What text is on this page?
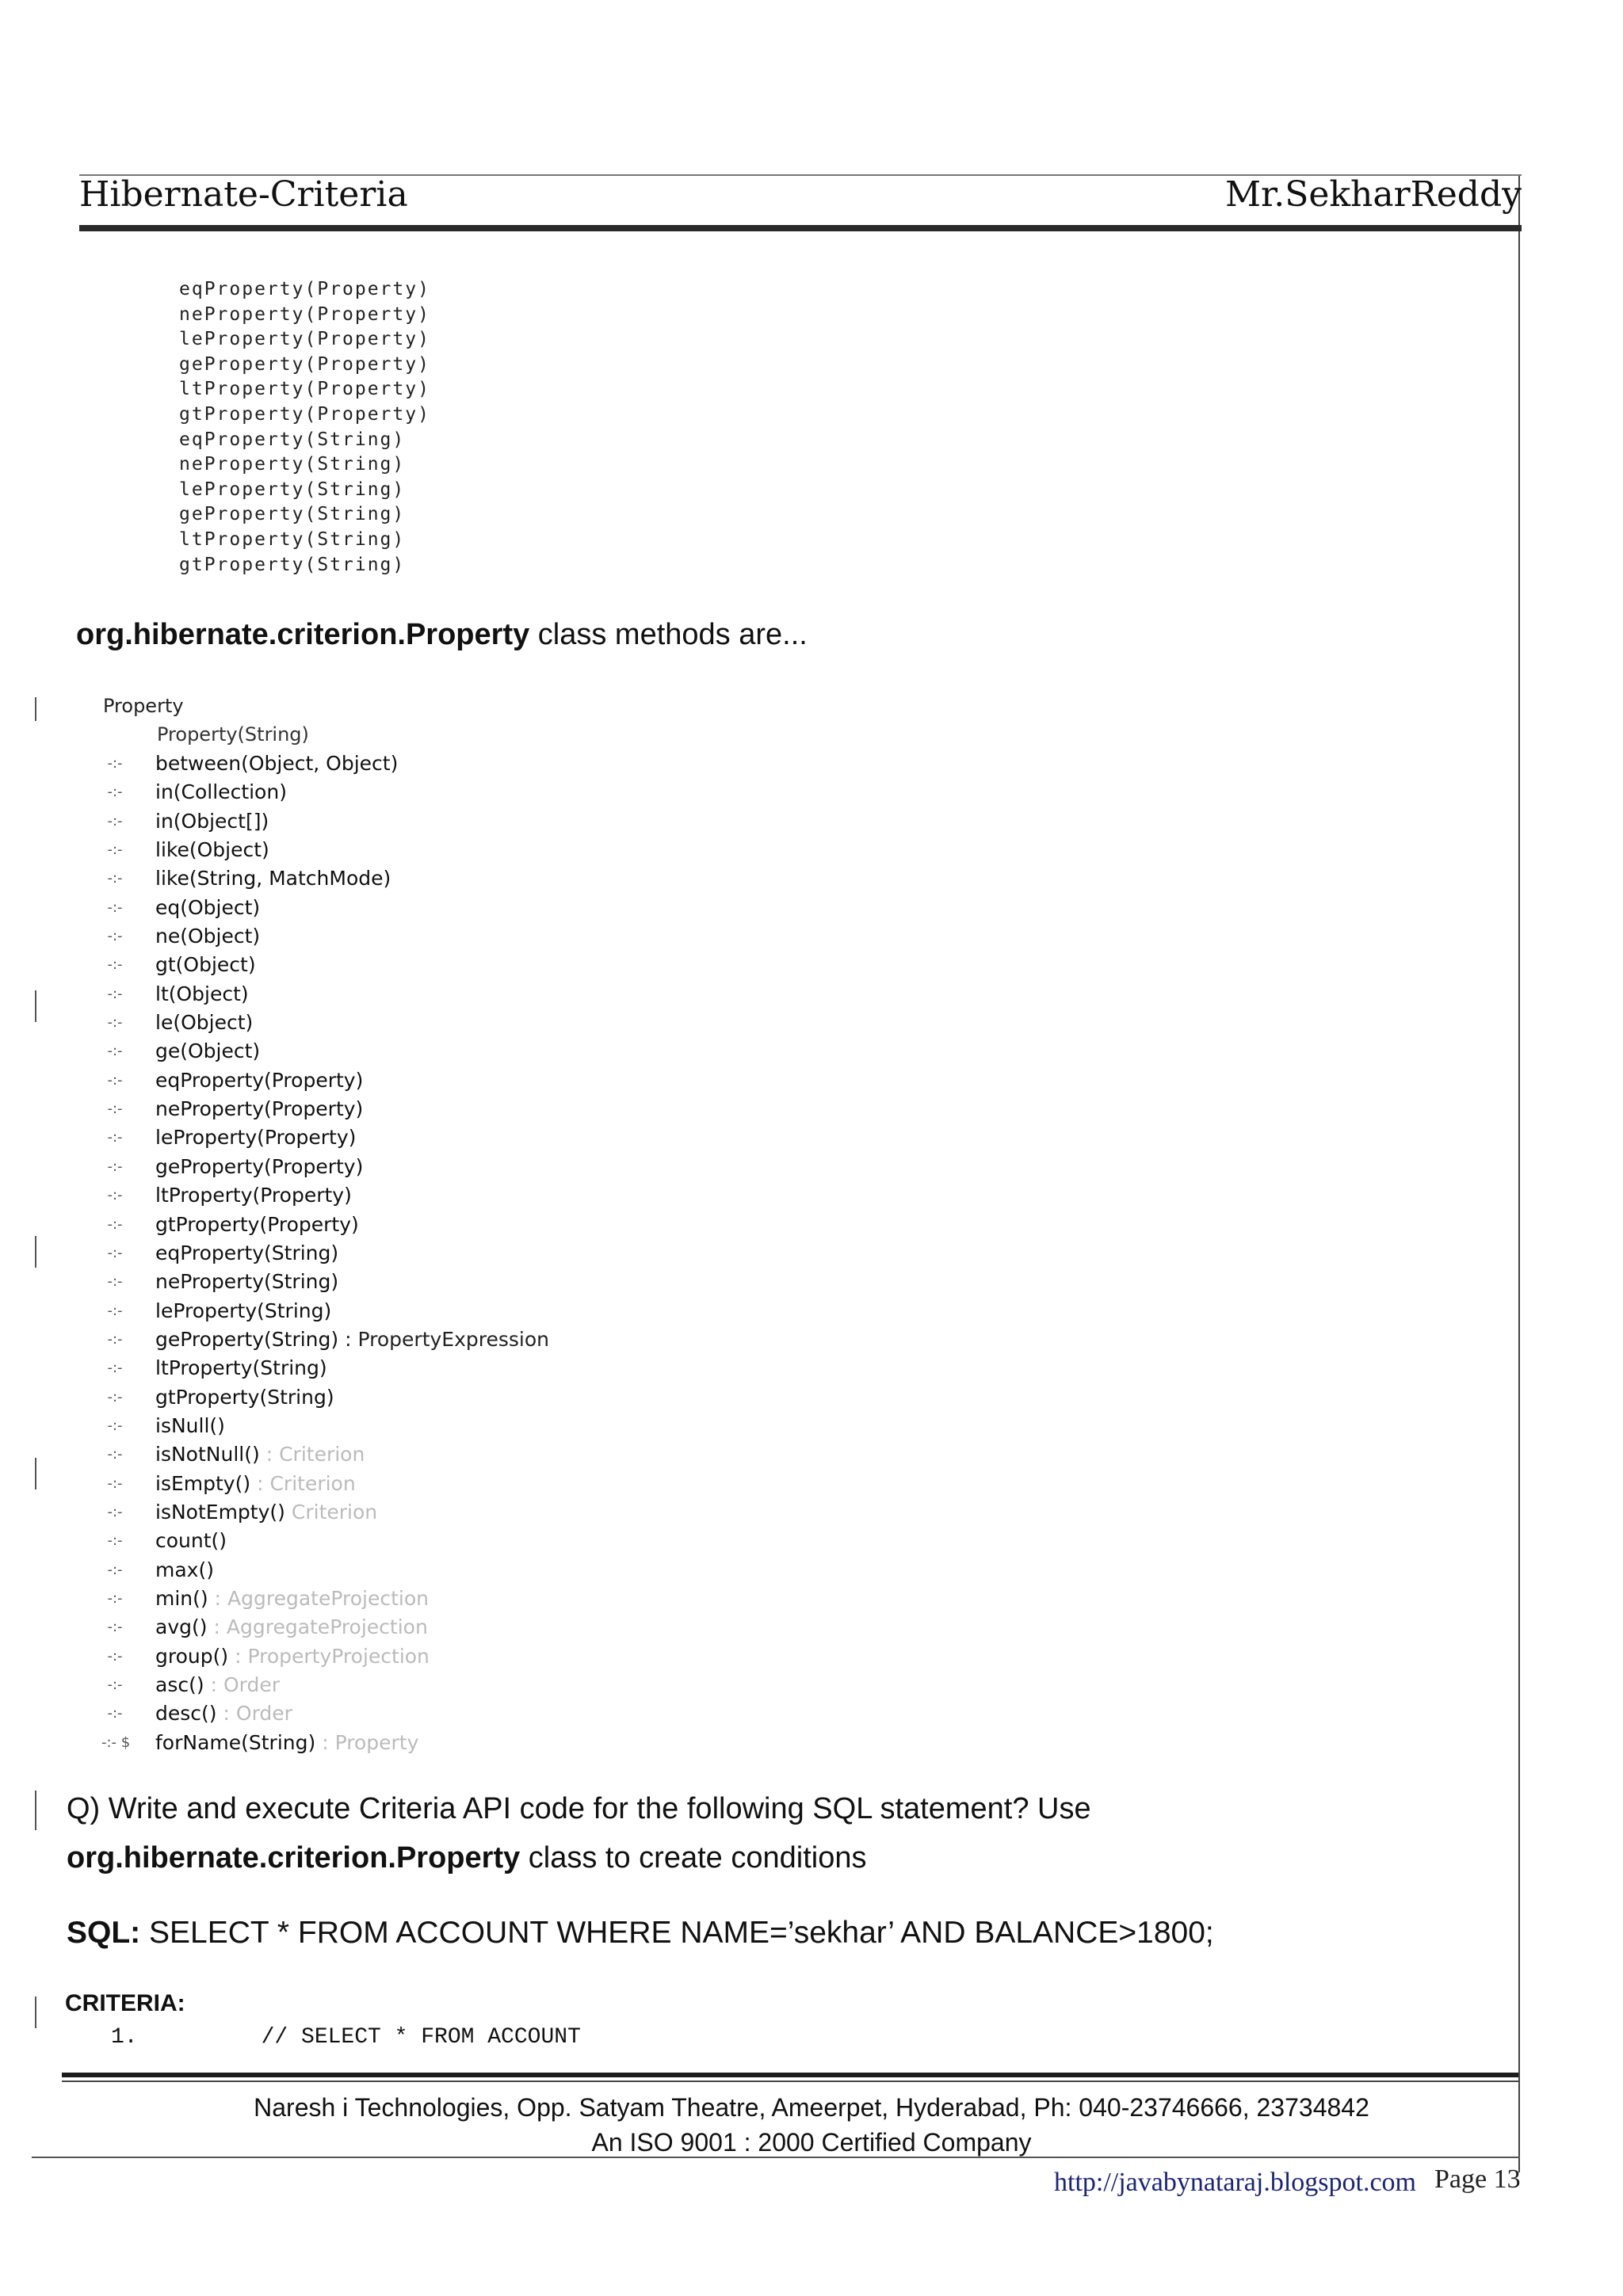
Hibernate-Criteria	Mr.SekharReddy
eqProperty(Property)
neProperty(Property)
leProperty(Property)
geProperty(Property)
ltProperty(Property)
gtProperty(Property)
eqProperty(String)
neProperty(String)
leProperty(String)
geProperty(String)
ltProperty(String)
gtProperty(String)
org.hibernate.criterion.Property class methods are...
Property
Property(String)
-:- between(Object, Object)
-:- in(Collection)
-:- in(Object[])
-:- like(Object)
-:- like(String, MatchMode)
-:- eq(Object)
-:- ne(Object)
-:- gt(Object)
-:- lt(Object)
-:- le(Object)
-:- ge(Object)
-:- eqProperty(Property)
-:- neProperty(Property)
-:- leProperty(Property)
-:- geProperty(Property)
-:- ltProperty(Property)
-:- gtProperty(Property)
-:- eqProperty(String)
-:- neProperty(String)
-:- leProperty(String)
-:- geProperty(String) : PropertyExpression
-:- ltProperty(String)
-:- gtProperty(String)
-:- isNull()
-:- isNotNull() : Criterion
-:- isEmpty() : Criterion
-:- isNotEmpty() Criterion
-:- count()
-:- max()
-:- min() : AggregateProjection
-:- avg() : AggregateProjection
-:- group() : PropertyProjection
-:- asc() : Order
-:- desc() : Order
-:- $ forName(String) : Property
Q) Write and execute Criteria API code for the following SQL statement? Use
org.hibernate.criterion.Property class to create conditions
SQL: SELECT * FROM ACCOUNT WHERE NAME=’sekhar’ AND BALANCE>1800;
CRITERIA:
1.	// SELECT * FROM ACCOUNT
Naresh i Technologies, Opp. Satyam Theatre, Ameerpet, Hyderabad, Ph: 040-23746666, 23734842
An ISO 9001 : 2000 Certified Company
http://javabynataraj.blogspot.com Page 13
